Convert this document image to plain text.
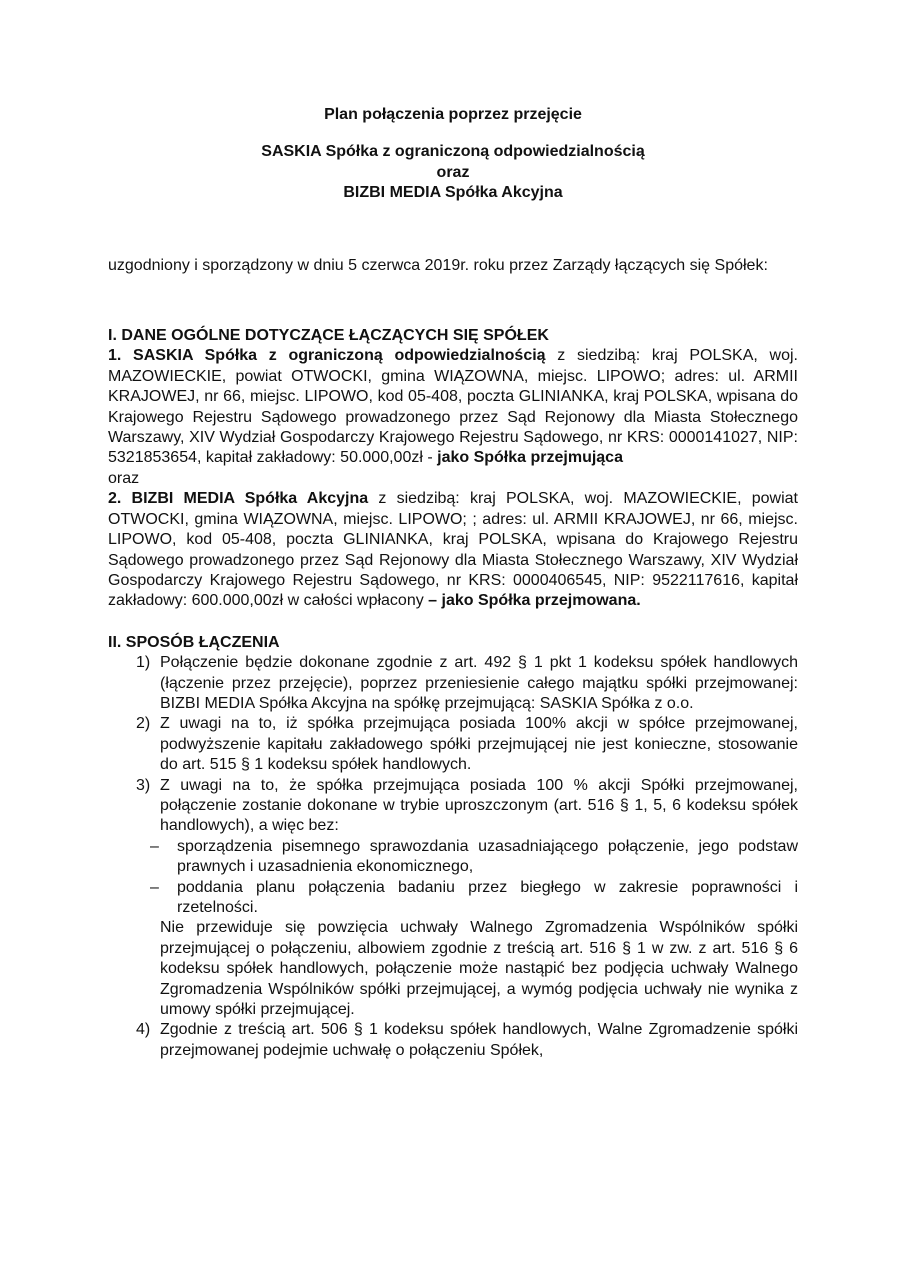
Plan połączenia poprzez przejęcie
SASKIA Spółka z ograniczoną odpowiedzialnością
oraz
BIZBI MEDIA Spółka Akcyjna

uzgodniony i sporządzony w dniu 5 czerwca 2019r. roku przez Zarządy łączących się Spółek:

I. DANE OGÓLNE DOTYCZĄCE ŁĄCZĄCYCH SIĘ SPÓŁEK

1. SASKIA Spółka z ograniczoną odpowiedzialnością z siedzibą: kraj POLSKA, woj. MAZOWIECKIE, powiat OTWOCKI, gmina WIĄZOWNA, miejsc. LIPOWO; adres: ul. ARMII KRAJOWEJ, nr 66, miejsc. LIPOWO, kod 05-408, poczta GLINIANKA, kraj POLSKA, wpisana do Krajowego Rejestru Sądowego prowadzonego przez Sąd Rejonowy dla Miasta Stołecznego Warszawy, XIV Wydział Gospodarczy Krajowego Rejestru Sądowego, nr KRS: 0000141027, NIP: 5321853654, kapitał zakładowy: 50.000,00zł - jako Spółka przejmująca

oraz

2. BIZBI MEDIA Spółka Akcyjna z siedzibą: kraj POLSKA, woj. MAZOWIECKIE, powiat OTWOCKI, gmina WIĄZOWNA, miejsc. LIPOWO; ; adres: ul. ARMII KRAJOWEJ, nr 66, miejsc. LIPOWO, kod 05-408, poczta GLINIANKA, kraj POLSKA, wpisana do Krajowego Rejestru Sądowego prowadzonego przez Sąd Rejonowy dla Miasta Stołecznego Warszawy, XIV Wydział Gospodarczy Krajowego Rejestru Sądowego, nr KRS: 0000406545, NIP: 9522117616, kapitał zakładowy: 600.000,00zł w całości wpłacony – jako Spółka przejmowana.

II. SPOSÓB ŁĄCZENIA
1) Połączenie będzie dokonane zgodnie z art. 492 § 1 pkt 1 kodeksu spółek handlowych (łączenie przez przejęcie), poprzez przeniesienie całego majątku spółki przejmowanej: BIZBI MEDIA Spółka Akcyjna na spółkę przejmującą: SASKIA Spółka z o.o.
2) Z uwagi na to, iż spółka przejmująca posiada 100% akcji w spółce przejmowanej, podwyższenie kapitału zakładowego spółki przejmującej nie jest konieczne, stosowanie do art. 515 § 1 kodeksu spółek handlowych.
3) Z uwagi na to, że spółka przejmująca posiada 100 % akcji Spółki przejmowanej, połączenie zostanie dokonane w trybie uproszczonym (art. 516 § 1, 5, 6 kodeksu spółek handlowych), a więc bez:
– sporządzenia pisemnego sprawozdania uzasadniającego połączenie, jego podstaw prawnych i uzasadnienia ekonomicznego,
– poddania planu połączenia badaniu przez biegłego w zakresie poprawności i rzetelności.
Nie przewiduje się powzięcia uchwały Walnego Zgromadzenia Wspólników spółki przejmującej o połączeniu, albowiem zgodnie z treścią art. 516 § 1 w zw. z art. 516 § 6 kodeksu spółek handlowych, połączenie może nastąpić bez podjęcia uchwały Walnego Zgromadzenia Wspólników spółki przejmującej, a wymóg podjęcia uchwały nie wynika z umowy spółki przejmującej.
4) Zgodnie z treścią art. 506 § 1 kodeksu spółek handlowych, Walne Zgromadzenie spółki przejmowanej podejmie uchwałę o połączeniu Spółek,
